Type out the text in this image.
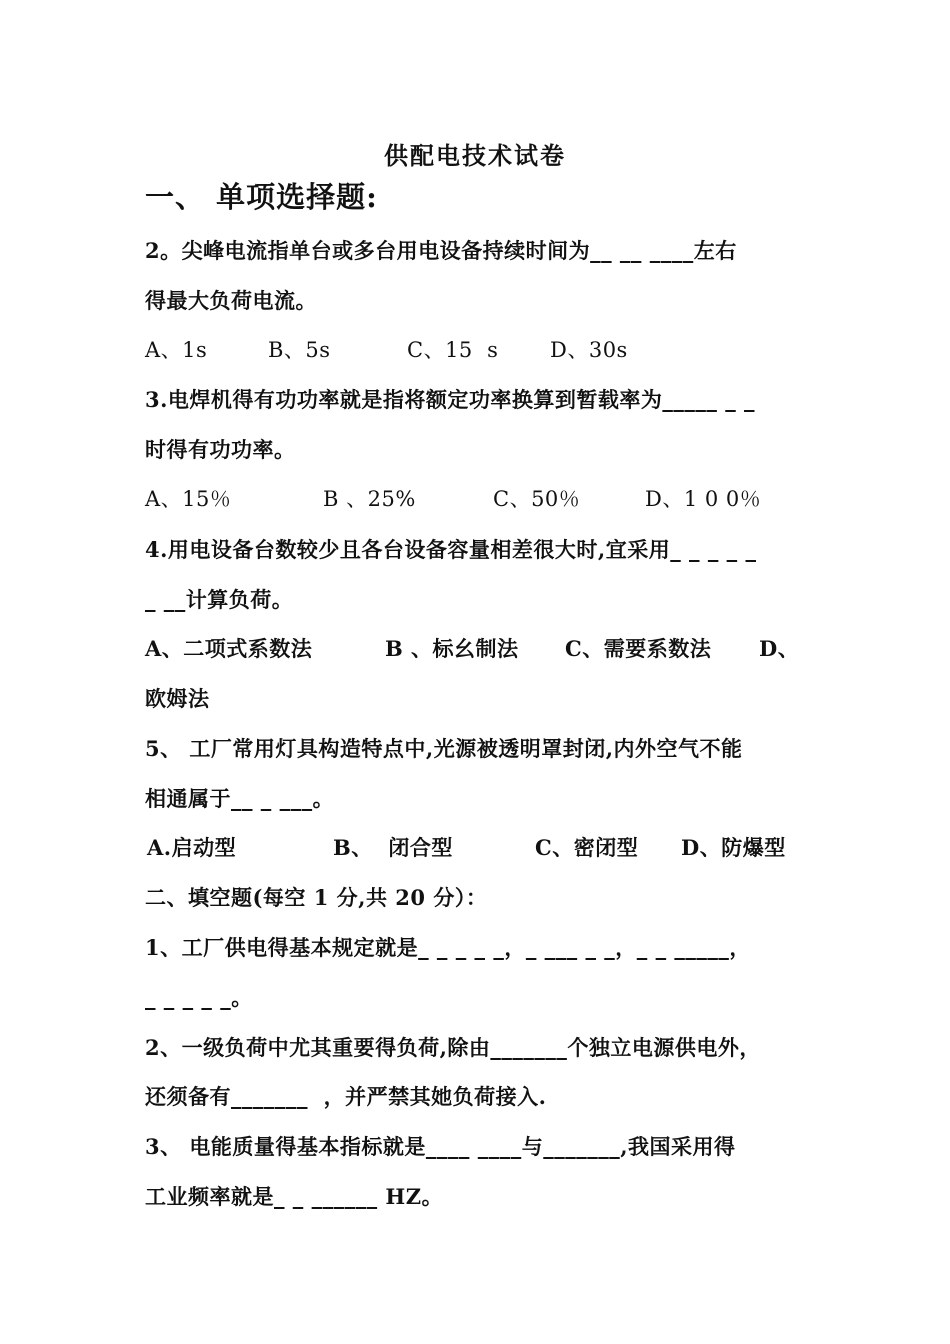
供配电技术试卷
一、 单项选择题:
2。尖峰电流指单台或多台用电设备持续时间为__ __ ____左右
得最大负荷电流。

A、1s

	B、5s

	C、15  s

D、30s

3.电焊机得有功功率就是指将额定功率换算到暂载率为_____ _ _
时得有功功率。

A、15％

	B 、25%

	C、50％

	D、1 0 0％

4.用电设备台数较少且各台设备容量相差很大时,宜采用_ _ _ _ _
_ __计算负荷。

A、二项式系数法

	B 、标幺制法

C、需要系数法

D、

欧姆法
5、 工厂常用灯具构造特点中,光源被透明罩封闭,内外空气不能
相通属于__ _ ___。

A.启动型

	B、  闭合型

	C、密闭型

D、防爆型

二、填空题(每空 1 分,共 20 分）：
1、工厂供电得基本规定就是_ _ _ _ _，_ ___ _ _，_ _ _____，
_ _ _ _ _。
2、一级负荷中尤其重要得负荷,除由_______个独立电源供电外，
还须备有_______  ，并严禁其她负荷接入.
3、 电能质量得基本指标就是____ ____与_______,我国采用得
工业频率就是_ _ ______ HZ。
